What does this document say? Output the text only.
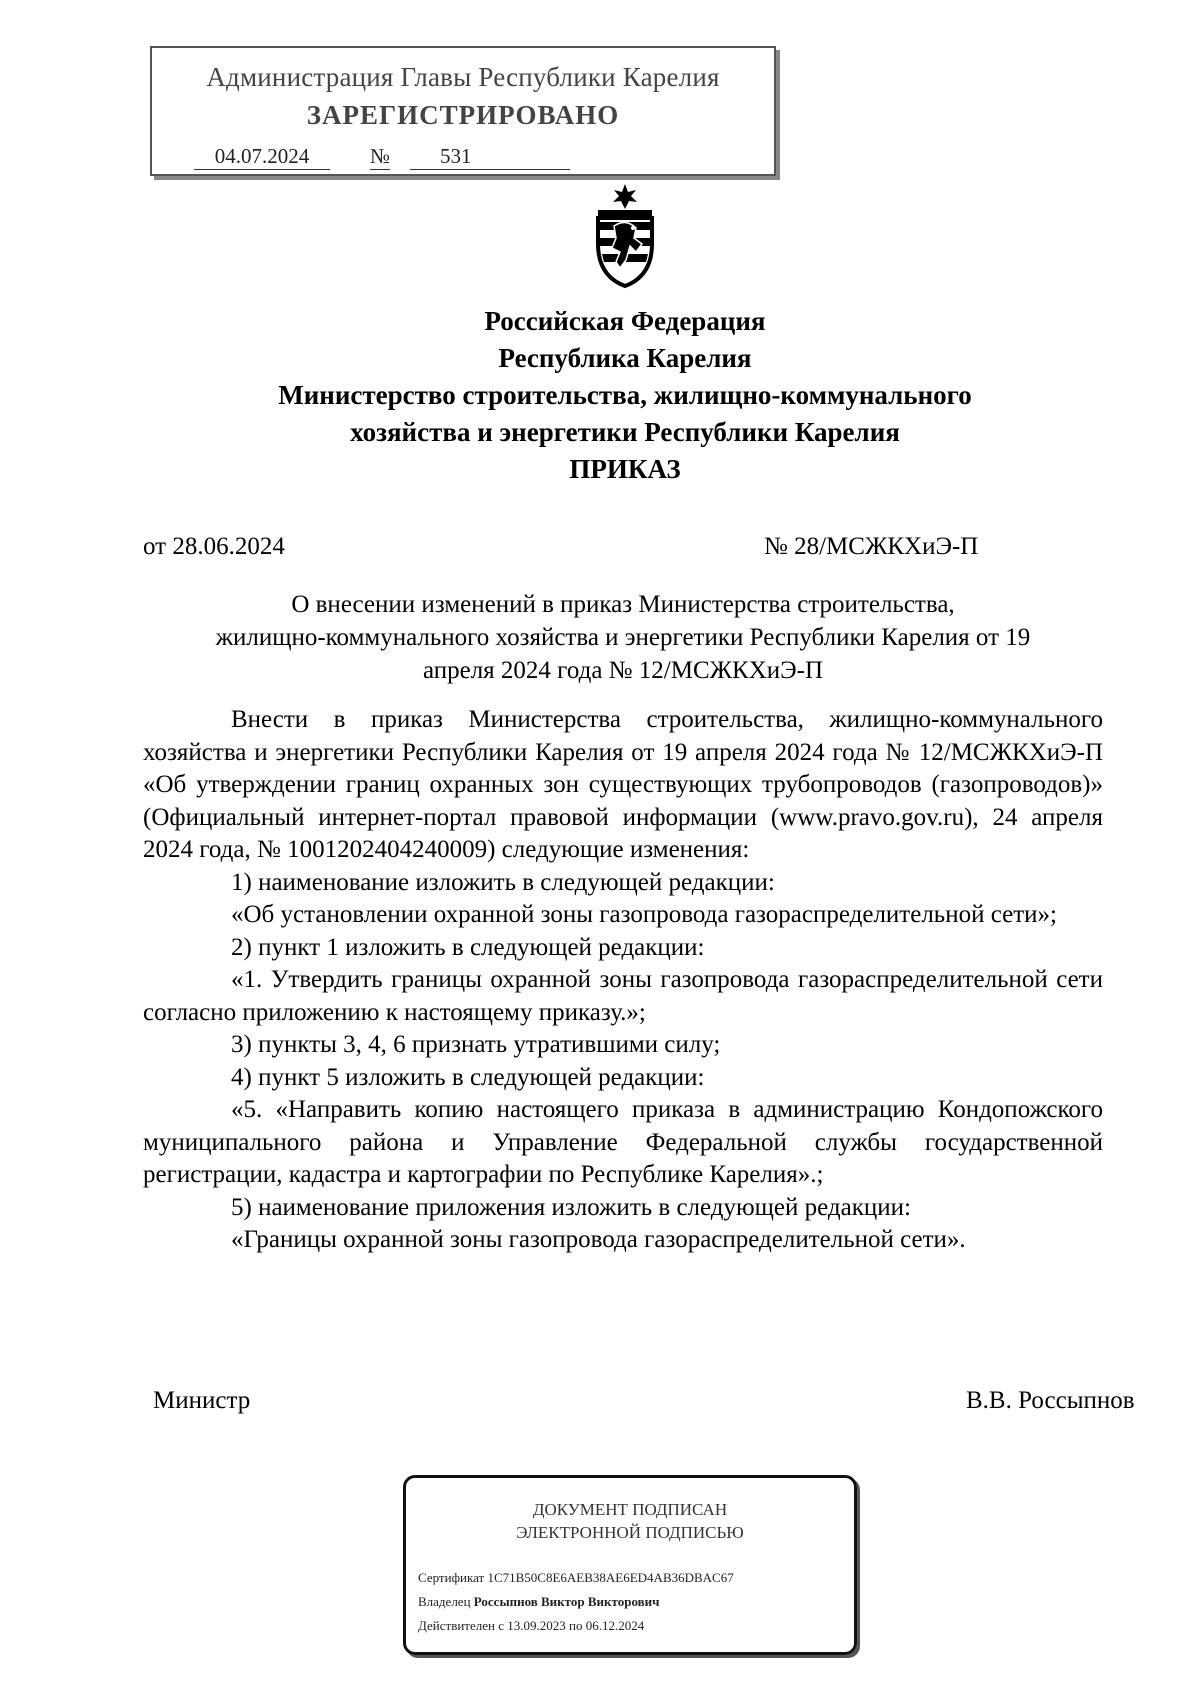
Администрация Главы Республики Карелия
ЗАРЕГИСТРИРОВАНО
04.07.2024	№	531
Российская Федерация
Республика Карелия
Министерство строительства, жилищно-коммунального
хозяйства и энергетики Республики Карелия
ПРИКАЗ
от 28.06.2024	№ 28/МСЖКХиЭ-П
О внесении изменений в приказ Министерства строительства,
жилищно-коммунального хозяйства и энергетики Республики Карелия от 19
апреля 2024 года № 12/МСЖКХиЭ-П

Внести в приказ Министерства строительства, жилищно-коммунального хозяйства и энергетики Республики Карелия от 19 апреля 2024 года № 12/МСЖКХиЭ-П «Об утверждении границ охранных зон существующих трубопроводов (газопроводов)» (Официальный интернет-портал правовой информации (www.pravo.gov.ru), 24 апреля 2024 года, № 1001202404240009) следующие изменения:

1) наименование изложить в следующей редакции:

«Об установлении охранной зоны газопровода газораспределительной сети»;

2) пункт 1 изложить в следующей редакции:

«1. Утвердить границы охранной зоны газопровода газораспределительной сети согласно приложению к настоящему приказу.»;

3) пункты 3, 4, 6 признать утратившими силу;

4) пункт 5 изложить в следующей редакции:

«5. «Направить копию настоящего приказа в администрацию Кондопожского муниципального района и Управление Федеральной службы государственной регистрации, кадастра и картографии по Республике Карелия».;

5) наименование приложения изложить в следующей редакции:

«Границы охранной зоны газопровода газораспределительной сети».

Министр	В.В. Россыпнов
ДОКУМЕНТ ПОДПИСАН
ЭЛЕКТРОННОЙ ПОДПИСЬЮ
Сертификат 1C71B50C8E6AEB38AE6ED4AB36DBAC67
Владелец Россыпнов Виктор Викторович
Действителен с 13.09.2023 по 06.12.2024
